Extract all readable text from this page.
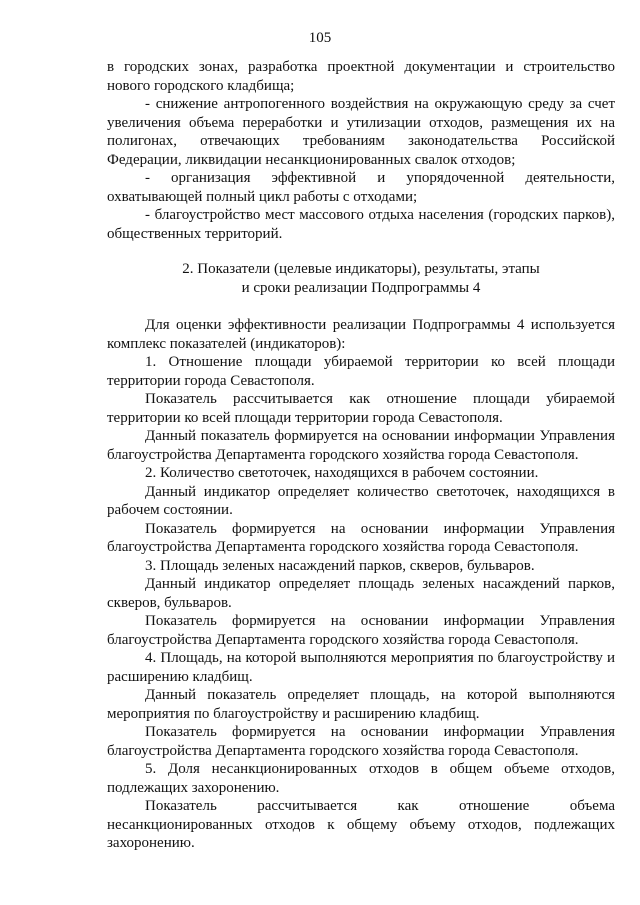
105

в городских зонах, разработка проектной документации и строительство нового городского кладбища;

- снижение антропогенного воздействия на окружающую среду за счет увеличения объема переработки и утилизации отходов, размещения их на полигонах, отвечающих требованиям законодательства Российской Федерации, ликвидации несанкционированных свалок отходов;

- организация эффективной и упорядоченной деятельности, охватывающей полный цикл работы с отходами;

- благоустройство мест массового отдыха населения (городских парков), общественных территорий.

2. Показатели (целевые индикаторы), результаты, этапы
и сроки реализации Подпрограммы 4

Для оценки эффективности реализации Подпрограммы 4 используется комплекс показателей (индикаторов):

1. Отношение площади убираемой территории ко всей площади территории города Севастополя.

Показатель рассчитывается как отношение площади убираемой территории ко всей площади территории города Севастополя.

Данный показатель формируется на основании информации Управления благоустройства Департамента городского хозяйства города Севастополя.

2. Количество светоточек, находящихся в рабочем состоянии.

Данный индикатор определяет количество светоточек, находящихся в рабочем состоянии.

Показатель формируется на основании информации Управления благоустройства Департамента городского хозяйства города Севастополя.

3. Площадь зеленых насаждений парков, скверов, бульваров.

Данный индикатор определяет площадь зеленых насаждений парков, скверов, бульваров.

Показатель формируется на основании информации Управления благоустройства Департамента городского хозяйства города Севастополя.

4. Площадь, на которой выполняются мероприятия по благоустройству и расширению кладбищ.

Данный показатель определяет площадь, на которой выполняются мероприятия по благоустройству и расширению кладбищ.

Показатель формируется на основании информации Управления благоустройства Департамента городского хозяйства города Севастополя.

5. Доля несанкционированных отходов в общем объеме отходов, подлежащих захоронению.

Показатель рассчитывается как отношение объема несанкционированных отходов к общему объему отходов, подлежащих захоронению.
